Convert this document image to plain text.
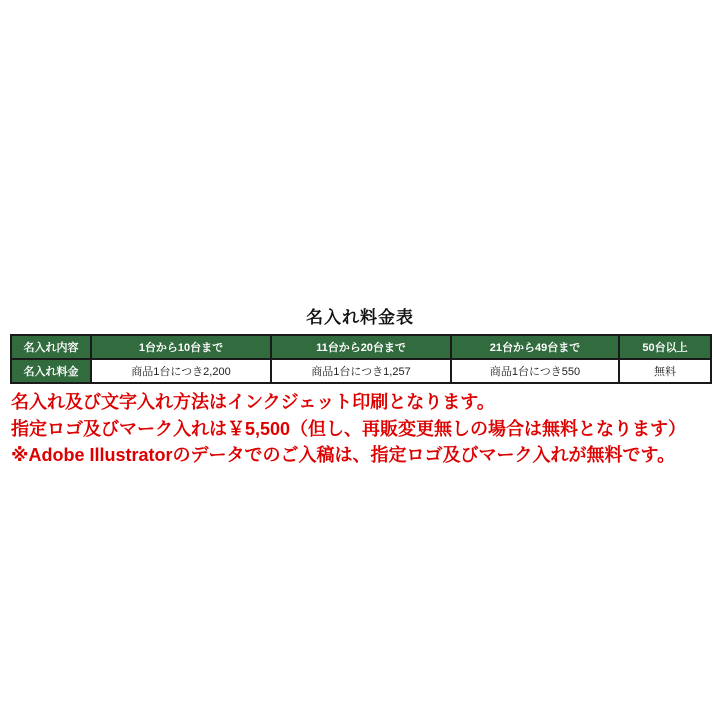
名入れ料金表
名入れ内容	1台から10台まで	11台から20台まで	21台から49台まで	50台以上
名入れ料金	商品1台につき2,200	商品1台につき1,257	商品1台につき550	無料
名入れ及び文字入れ方法はインクジェット印刷となります。
指定ロゴ及びマーク入れは￥5,500（但し、再販変更無しの場合は無料となります）
※Adobe Illustratorのデータでのご入稿は、指定ロゴ及びマーク入れが無料です。
